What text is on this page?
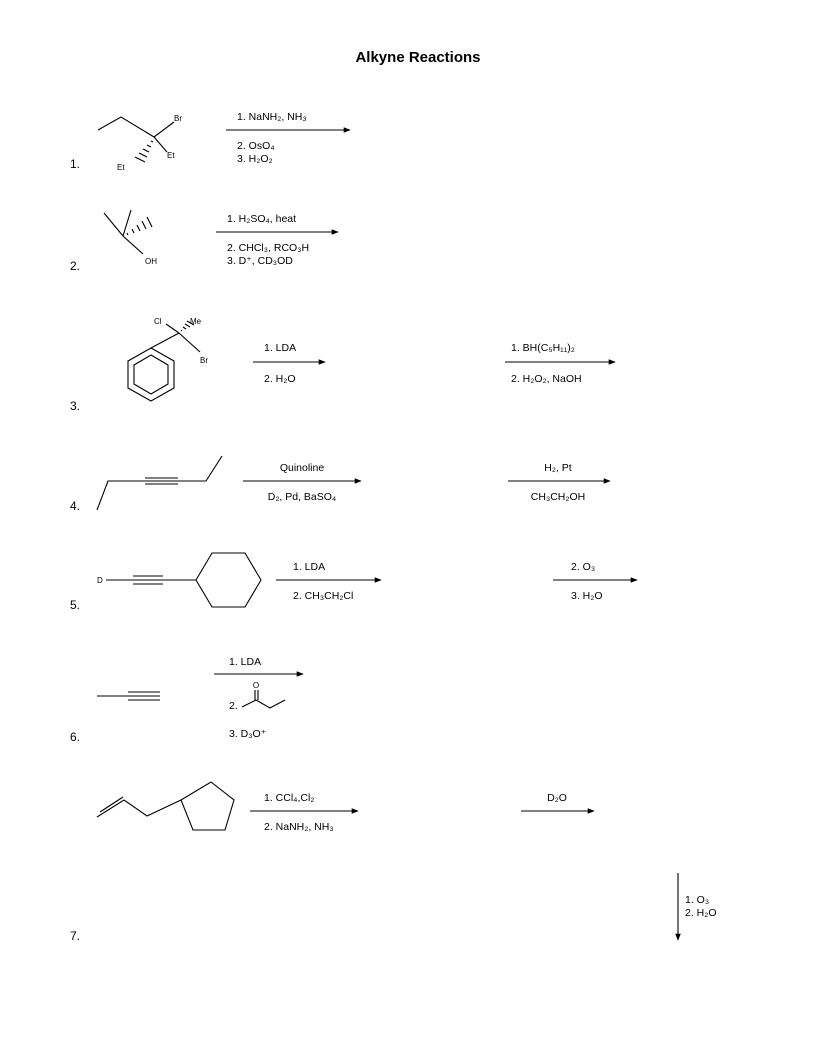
Alkyne Reactions
1.
Br
Et
Et
1. NaNH₂, NH₃
2. OsO₄
3. H₂O₂
2.	OH
1. H₂SO₄, heat
2. CHCl₃, RCO₃H
3. D⁺, CD₃OD
3.
Cl	Me
Br
1. LDA
2. H₂O
1. BH(C₅H₁₁)₂
2. H₂O₂, NaOH
4.
Quinoline
D₂, Pd, BaSO₄
H₂, Pt
CH₃CH₂OH
5.
D
1. LDA
2. CH₃CH₂Cl
2. O₃
3. H₂O
6.
1. LDA
2.
O
3. D₃O⁺
7.
1. CCl₄,Cl₂
2. NaNH₂, NH₃
D₂O
1. O₃
2. H₂O
